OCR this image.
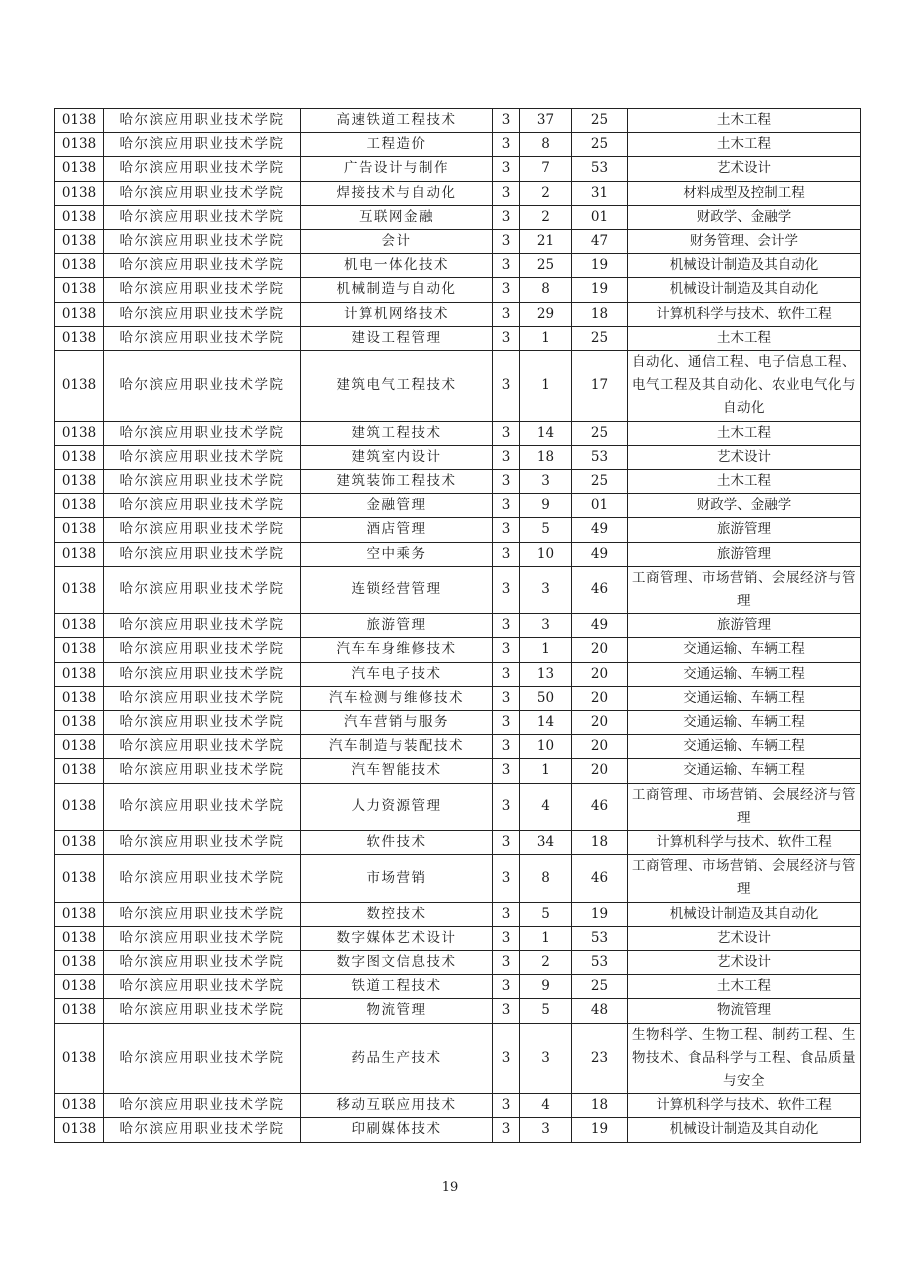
0138	哈尔滨应用职业技术学院	高速铁道工程技术	3	37	25	土木工程
0138	哈尔滨应用职业技术学院	工程造价	3	8	25	土木工程
0138	哈尔滨应用职业技术学院	广告设计与制作	3	7	53	艺术设计
0138	哈尔滨应用职业技术学院	焊接技术与自动化	3	2	31	材料成型及控制工程
0138	哈尔滨应用职业技术学院	互联网金融	3	2	01	财政学、金融学
0138	哈尔滨应用职业技术学院	会计	3	21	47	财务管理、会计学
0138	哈尔滨应用职业技术学院	机电一体化技术	3	25	19	机械设计制造及其自动化
0138	哈尔滨应用职业技术学院	机械制造与自动化	3	8	19	机械设计制造及其自动化
0138	哈尔滨应用职业技术学院	计算机网络技术	3	29	18	计算机科学与技术、软件工程
0138	哈尔滨应用职业技术学院	建设工程管理	3	1	25	土木工程
0138	哈尔滨应用职业技术学院	建筑电气工程技术	3	1	17	自动化、通信工程、电子信息工程、电气工程及其自动化、农业电气化与自动化
0138	哈尔滨应用职业技术学院	建筑工程技术	3	14	25	土木工程
0138	哈尔滨应用职业技术学院	建筑室内设计	3	18	53	艺术设计
0138	哈尔滨应用职业技术学院	建筑装饰工程技术	3	3	25	土木工程
0138	哈尔滨应用职业技术学院	金融管理	3	9	01	财政学、金融学
0138	哈尔滨应用职业技术学院	酒店管理	3	5	49	旅游管理
0138	哈尔滨应用职业技术学院	空中乘务	3	10	49	旅游管理
0138	哈尔滨应用职业技术学院	连锁经营管理	3	3	46	工商管理、市场营销、会展经济与管理
0138	哈尔滨应用职业技术学院	旅游管理	3	3	49	旅游管理
0138	哈尔滨应用职业技术学院	汽车车身维修技术	3	1	20	交通运输、车辆工程
0138	哈尔滨应用职业技术学院	汽车电子技术	3	13	20	交通运输、车辆工程
0138	哈尔滨应用职业技术学院	汽车检测与维修技术	3	50	20	交通运输、车辆工程
0138	哈尔滨应用职业技术学院	汽车营销与服务	3	14	20	交通运输、车辆工程
0138	哈尔滨应用职业技术学院	汽车制造与装配技术	3	10	20	交通运输、车辆工程
0138	哈尔滨应用职业技术学院	汽车智能技术	3	1	20	交通运输、车辆工程
0138	哈尔滨应用职业技术学院	人力资源管理	3	4	46	工商管理、市场营销、会展经济与管理
0138	哈尔滨应用职业技术学院	软件技术	3	34	18	计算机科学与技术、软件工程
0138	哈尔滨应用职业技术学院	市场营销	3	8	46	工商管理、市场营销、会展经济与管理
0138	哈尔滨应用职业技术学院	数控技术	3	5	19	机械设计制造及其自动化
0138	哈尔滨应用职业技术学院	数字媒体艺术设计	3	1	53	艺术设计
0138	哈尔滨应用职业技术学院	数字图文信息技术	3	2	53	艺术设计
0138	哈尔滨应用职业技术学院	铁道工程技术	3	9	25	土木工程
0138	哈尔滨应用职业技术学院	物流管理	3	5	48	物流管理
0138	哈尔滨应用职业技术学院	药品生产技术	3	3	23	生物科学、生物工程、制药工程、生物技术、食品科学与工程、食品质量与安全
0138	哈尔滨应用职业技术学院	移动互联应用技术	3	4	18	计算机科学与技术、软件工程
0138	哈尔滨应用职业技术学院	印刷媒体技术	3	3	19	机械设计制造及其自动化
19
